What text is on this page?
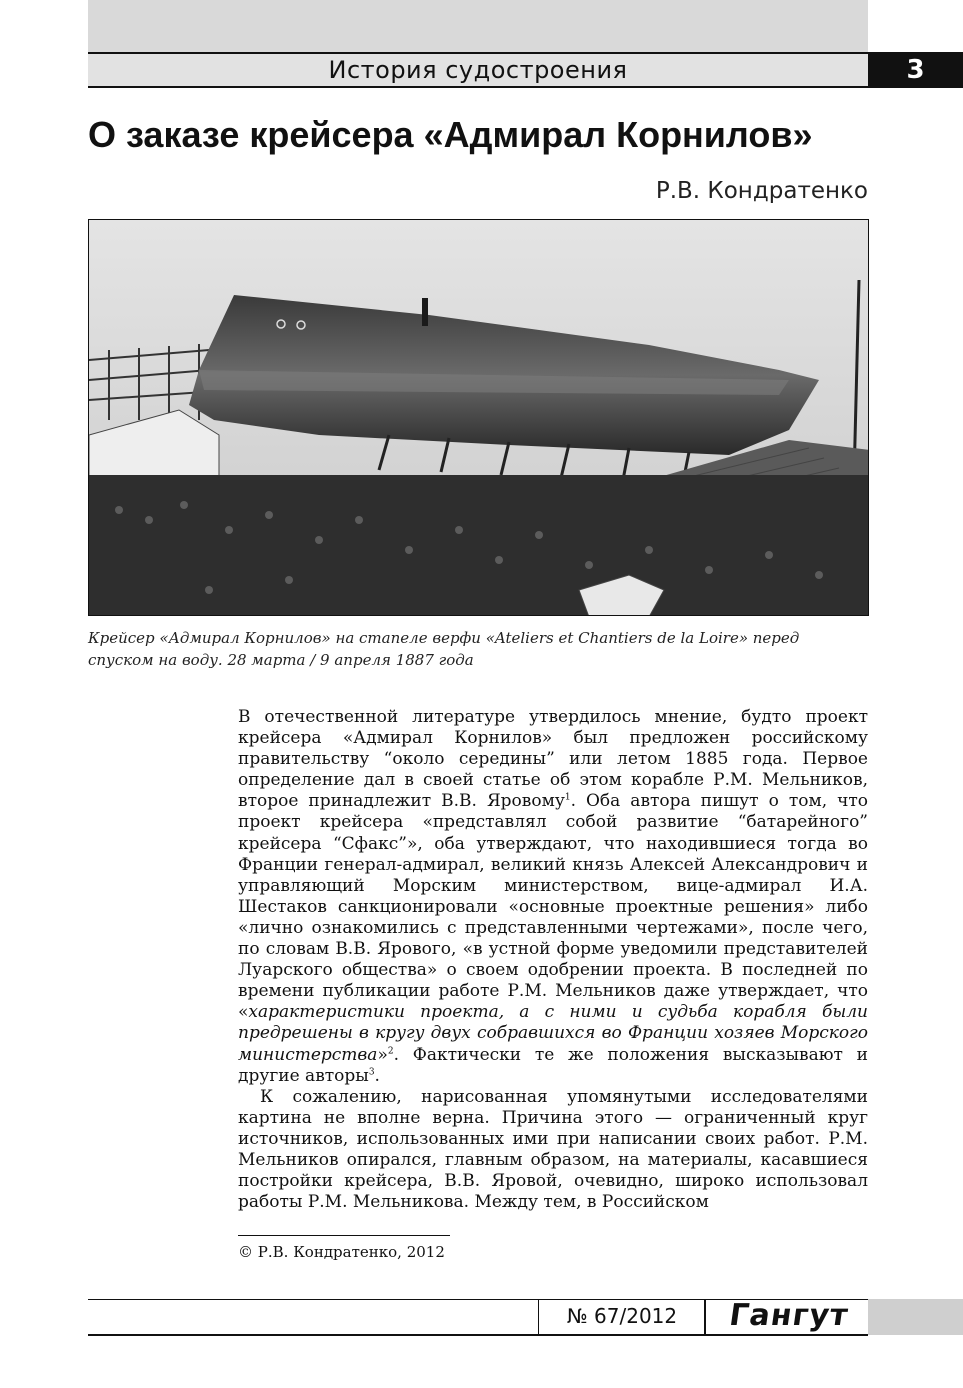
История судостроения	3
О заказе крейсера «Адмирал Корнилов»
Р.В. Кондратенко
Крейсер «Адмирал Корнилов» на стапеле верфи «Ateliers et Chantiers de la Loire» перед
спуском на воду. 28 марта / 9 апреля 1887 года

В отечественной литературе утвердилось мнение, будто проект крейсера «Адмирал Корнилов» был предложен российскому правительству “около середины” или летом 1885 года. Первое определение дал в своей статье об этом корабле Р.М. Мельников, второе принадлежит В.В. Яровому$^1$. Оба автора пишут о том, что проект крейсера «представлял собой развитие “батарейного” крейсера “Сфакс”», оба утверждают, что находившиеся тогда во Франции генерал-адмирал, великий князь Алексей Александрович и управляющий Морским министерством, вице-адмирал И.А. Шестаков санкционировали «основные проектные решения» либо «лично ознакомились с представленными чертежами», после чего, по словам В.В. Ярового, «в устной форме уведомили представителей Луарского общества» о своем одобрении проекта. В последней по времени публикации работе Р.М. Мельников даже утверждает, что «характеристики проекта, а с ними и судьба корабля были предрешены в кругу двух собравшихся во Франции хозяев Морского министерства»$^2$. Фактически те же положения высказывают и другие авторы$^3$.

К сожалению, нарисованная упомянутыми исследователями картина не вполне верна. Причина этого — ограниченный круг источников, использованных ими при написании своих работ. Р.М. Мельников опирался, главным образом, на материалы, касавшиеся постройки крейсера, В.В. Яровой, очевидно, широко использовал работы Р.М. Мельникова. Между тем, в Российском

© Р.В. Кондратенко, 2012
№ 67/2012	Гангут
